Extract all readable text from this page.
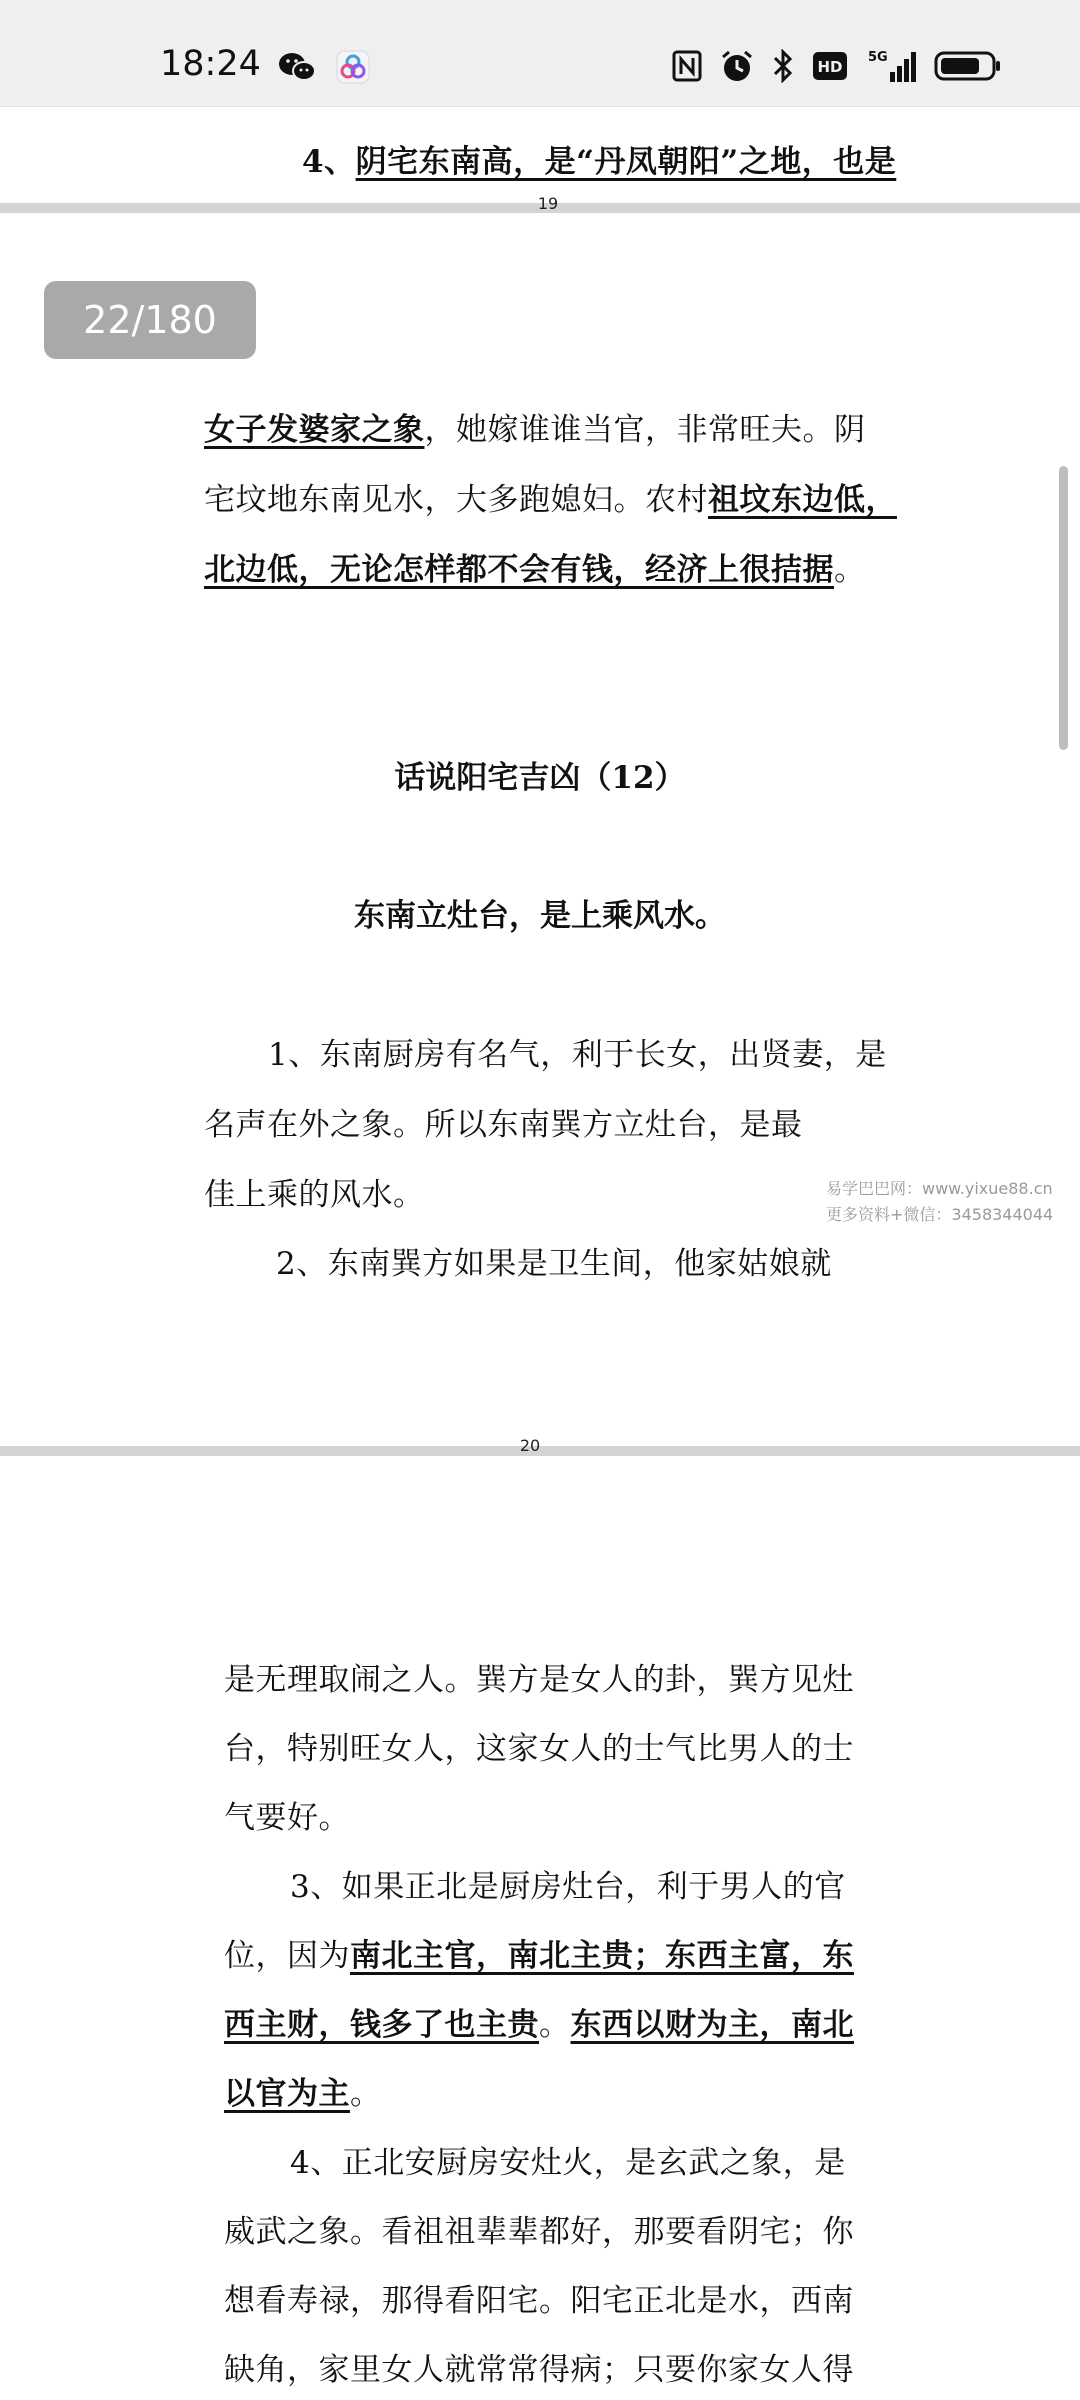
18:24	HD
5G
4、阴宅东南高，是“丹凤朝阳”之地，也是
19
22/180
女子发婆家之象，她嫁谁谁当官，非常旺夫。阴
宅坟地东南见水，大多跑媳妇。农村祖坟东边低，
北边低，无论怎样都不会有钱，经济上很拮据。
话说阳宅吉凶（12）
东南立灶台，是上乘风水。
1、东南厨房有名气，利于长女，出贤妻，是
名声在外之象。所以东南巽方立灶台，是最
佳上乘的风水。
2、东南巽方如果是卫生间，他家姑娘就
易学巴巴网：www.yixue88.cn
更多资料+微信：3458344044
20
是无理取闹之人。巽方是女人的卦，巽方见灶
台，特别旺女人，这家女人的士气比男人的士
气要好。
3、如果正北是厨房灶台，利于男人的官
位，因为南北主官，南北主贵；东西主富，东
西主财，钱多了也主贵。东西以财为主，南北
以官为主。
4、正北安厨房安灶火，是玄武之象，是
威武之象。看祖祖辈辈都好，那要看阴宅；你
想看寿禄，那得看阳宅。阳宅正北是水，西南
缺角，家里女人就常常得病；只要你家女人得
